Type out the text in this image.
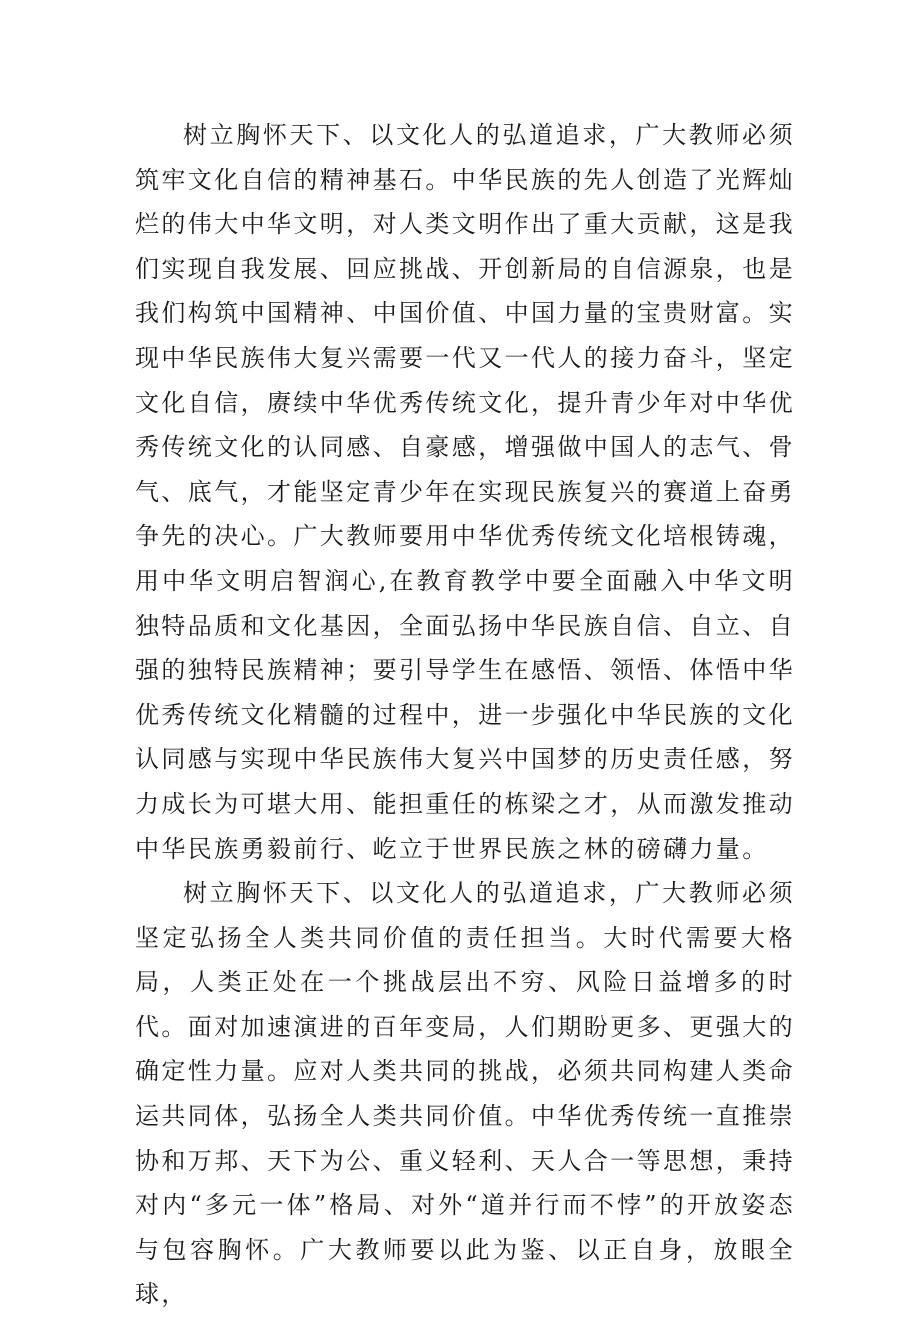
树立胸怀天下、以文化人的弘道追求，广大教师必须筑牢文化自信的精神基石。中华民族的先人创造了光辉灿烂的伟大中华文明，对人类文明作出了重大贡献，这是我们实现自我发展、回应挑战、开创新局的自信源泉，也是我们构筑中国精神、中国价值、中国力量的宝贵财富。实现中华民族伟大复兴需要一代又一代人的接力奋斗，坚定文化自信，赓续中华优秀传统文化，提升青少年对中华优秀传统文化的认同感、自豪感，增强做中国人的志气、骨气、底气，才能坚定青少年在实现民族复兴的赛道上奋勇争先的决心。广大教师要用中华优秀传统文化培根铸魂，用中华文明启智润心,在教育教学中要全面融入中华文明独特品质和文化基因，全面弘扬中华民族自信、自立、自强的独特民族精神；要引导学生在感悟、领悟、体悟中华优秀传统文化精髓的过程中，进一步强化中华民族的文化认同感与实现中华民族伟大复兴中国梦的历史责任感，努力成长为可堪大用、能担重任的栋梁之才，从而激发推动中华民族勇毅前行、屹立于世界民族之林的磅礴力量。

树立胸怀天下、以文化人的弘道追求，广大教师必须坚定弘扬全人类共同价值的责任担当。大时代需要大格局，人类正处在一个挑战层出不穷、风险日益增多的时代。面对加速演进的百年变局，人们期盼更多、更强大的确定性力量。应对人类共同的挑战，必须共同构建人类命运共同体，弘扬全人类共同价值。中华优秀传统一直推崇协和万邦、天下为公、重义轻利、天人合一等思想，秉持对内“多元一体”格局、对外“道并行而不悖”的开放姿态与包容胸怀。广大教师要以此为鉴、以正自身，放眼全球，
